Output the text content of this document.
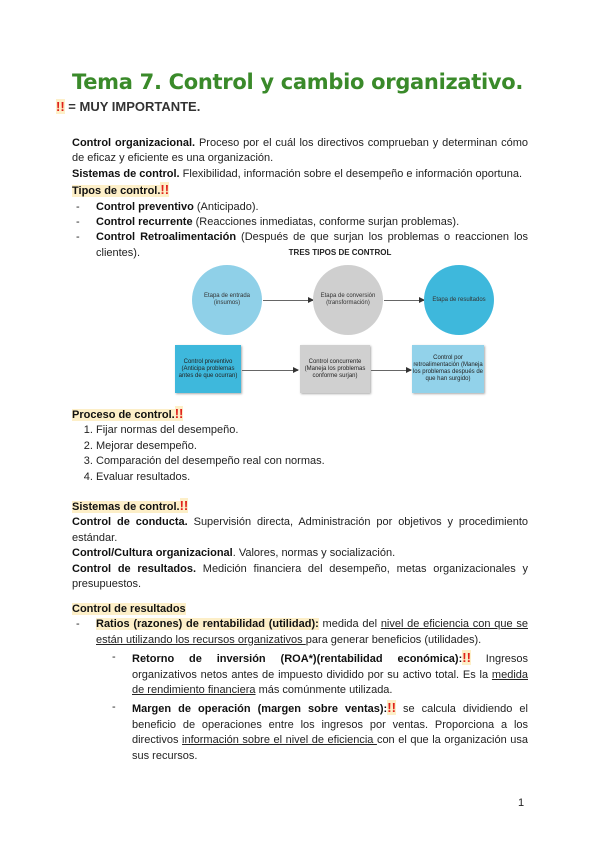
Tema 7. Control y cambio organizativo.
!! = MUY IMPORTANTE.
Control organizacional. Proceso por el cuál los directivos comprueban y determinan cómo de eficaz y eficiente es una organización.
Sistemas de control. Flexibilidad, información sobre el desempeño e información oportuna.
Tipos de control.!!
- Control preventivo (Anticipado).
- Control recurrente (Reacciones inmediatas, conforme surjan problemas).
- Control Retroalimentación (Después de que surjan los problemas o reaccionen los clientes).	TRES TIPOS DE CONTROL
Etapa de entrada (insumos)
Etapa de conversión (transformación)
Etapa de resultados
Control preventivo (Anticipa problemas antes de que ocurran)
Control concurrente (Maneja los problemas conforme surjan)
Control por retroalimentación (Maneja los problemas después de que han surgido)
Proceso de control.!!
1. Fijar normas del desempeño.
2. Mejorar desempeño.
3. Comparación del desempeño real con normas.
4. Evaluar resultados.
Sistemas de control.!!
Control de conducta. Supervisión directa, Administración por objetivos y procedimiento estándar.
Control/Cultura organizacional. Valores, normas y socialización.
Control de resultados. Medición financiera del desempeño, metas organizacionales y presupuestos.
Control de resultados
- Ratios (razones) de rentabilidad (utilidad): medida del nivel de eficiencia con que se están utilizando los recursos organizativos para generar beneficios (utilidades).
- Retorno de inversión (ROA*)(rentabilidad económica):!! Ingresos organizativos netos antes de impuesto dividido por su activo total. Es la medida de rendimiento financiera más comúnmente utilizada.
- Margen de operación (margen sobre ventas):!! se calcula dividiendo el beneficio de operaciones entre los ingresos por ventas. Proporciona a los directivos información sobre el nivel de eficiencia con el que la organización usa sus recursos.
1
